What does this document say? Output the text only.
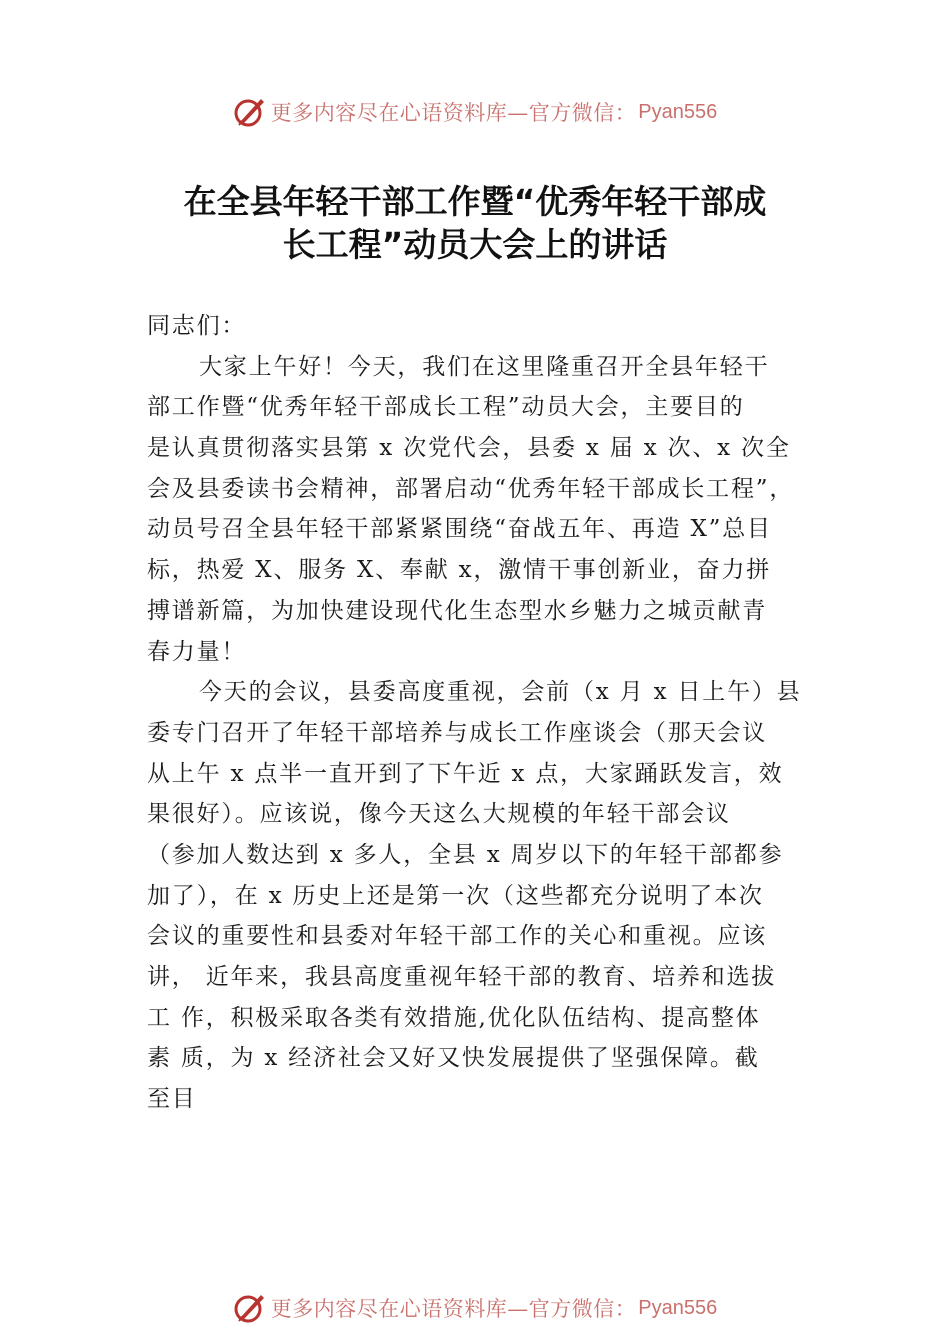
更多内容尽在心语资料库—官方微信： Pyan556
在全县年轻干部工作暨“优秀年轻干部成
长工程”动员大会上的讲话
同志们：
大家上午好！今天，我们在这里隆重召开全县年轻干
部工作暨“优秀年轻干部成长工程”动员大会，主要目的
是认真贯彻落实县第 x 次党代会，县委 x 届 x 次、x 次全
会及县委读书会精神，部署启动“优秀年轻干部成长工程”，
动员号召全县年轻干部紧紧围绕“奋战五年、再造 X”总目
标，热爱 X、服务 X、奉献 x，激情干事创新业，奋力拼
搏谱新篇，为加快建设现代化生态型水乡魅力之城贡献青
春力量！
今天的会议，县委高度重视，会前（x 月 x 日上午）县
委专门召开了年轻干部培养与成长工作座谈会（那天会议
从上午 x 点半一直开到了下午近 x 点，大家踊跃发言，效
果很好）。应该说，像今天这么大规模的年轻干部会议
（参加人数达到 x 多人，全县 x 周岁以下的年轻干部都参
加了），在 x 历史上还是第一次（这些都充分说明了本次
会议的重要性和县委对年轻干部工作的关心和重视。应该
讲， 近年来，我县高度重视年轻干部的教育、培养和选拔
工 作，积极采取各类有效措施,优化队伍结构、提高整体
素 质，为 x 经济社会又好又快发展提供了坚强保障。截
至目
更多内容尽在心语资料库—官方微信： Pyan556
